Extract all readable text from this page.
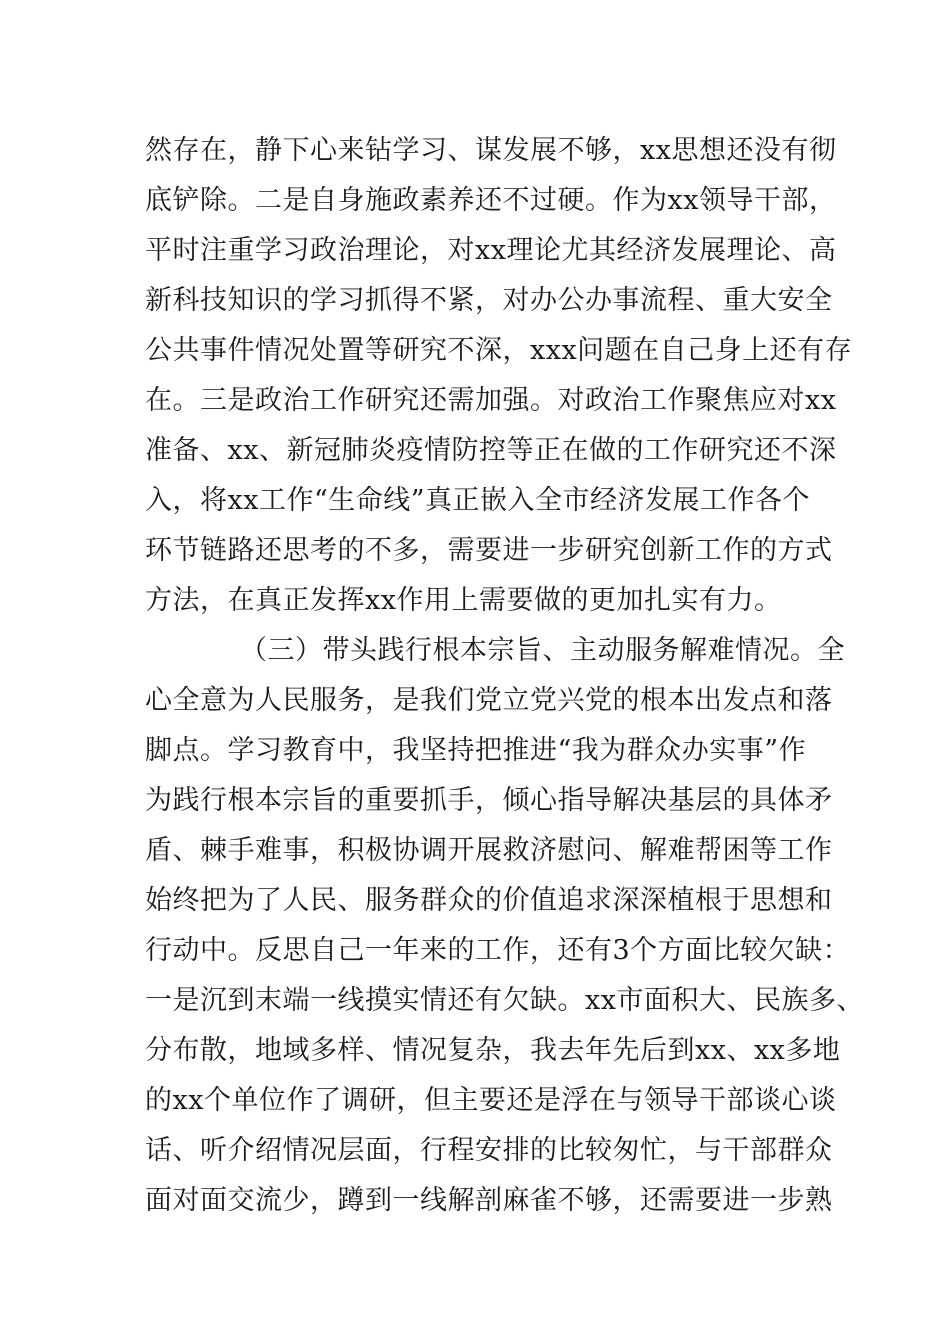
然存在，静下心来钻学习、谋发展不够，xx思想还没有彻
底铲除。二是自身施政素养还不过硬。作为xx领导干部，
平时注重学习政治理论，对xx理论尤其经济发展理论、高
新科技知识的学习抓得不紧，对办公办事流程、重大安全
公共事件情况处置等研究不深，xxx问题在自己身上还有存
在。三是政治工作研究还需加强。对政治工作聚焦应对xx
准备、xx、新冠肺炎疫情防控等正在做的工作研究还不深
入，将xx工作“生命线”真正嵌入全市经济发展工作各个
环节链路还思考的不多，需要进一步研究创新工作的方式
方法，在真正发挥xx作用上需要做的更加扎实有力。
（三）带头践行根本宗旨、主动服务解难情况。全
心全意为人民服务，是我们党立党兴党的根本出发点和落
脚点。学习教育中，我坚持把推进“我为群众办实事”作
为践行根本宗旨的重要抓手，倾心指导解决基层的具体矛
盾、棘手难事，积极协调开展救济慰问、解难帮困等工作
始终把为了人民、服务群众的价值追求深深植根于思想和
行动中。反思自己一年来的工作，还有3个方面比较欠缺：
一是沉到末端一线摸实情还有欠缺。xx市面积大、民族多、
分布散，地域多样、情况复杂，我去年先后到xx、xx多地
的xx个单位作了调研，但主要还是浮在与领导干部谈心谈
话、听介绍情况层面，行程安排的比较匆忙，与干部群众
面对面交流少，蹲到一线解剖麻雀不够，还需要进一步熟
